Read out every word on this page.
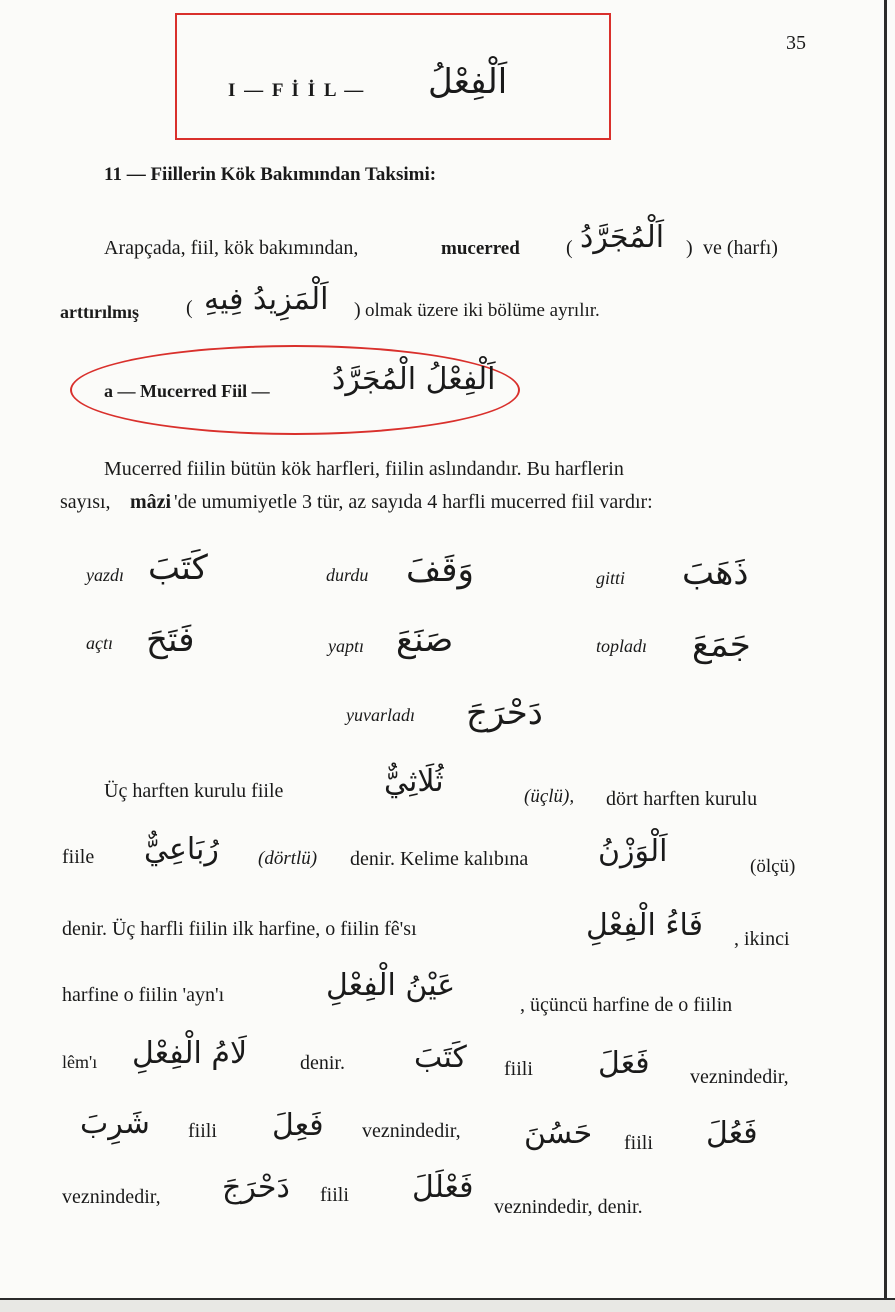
35
I — F İ İ L — اَلْفِعْلُ
11 — Fiillerin Kök Bakımından Taksimi:
Arapçada, fiil, kök bakımından,	mucerred ( اَلْمُجَرَّدُ ) ve (harfı)
arttırılmış ( اَلْمَزِيدُ فِيهِ ) olmak üzere iki bölüme ayrılır.
a — Mucerred Fiil — اَلْفِعْلُ الْمُجَرَّدُ
Mucerred fiilin bütün kök harfleri, fiilin aslındandır. Bu harflerin
sayısı, mâzi 'de umumiyetle 3 tür, az sayıda 4 harfli mucerred fiil vardır:
yazdı كَتَبَ	durdu وَقَفَ	gitti ذَهَبَ
açtı فَتَحَ	yaptı صَنَعَ	topladı جَمَعَ
yuvarladı دَحْرَجَ
Üç harften kurulu fiile	ثُلَاثِيٌّ	(üçlü), dört harften kurulu
fiile رُبَاعِيٌّ (dörtlü) denir. Kelime kalıbına اَلْوَزْنُ	(ölçü)
denir. Üç harfli fiilin ilk harfine, o fiilin fê'sı	فَاءُ الْفِعْلِ , ikinci
harfine o fiilin 'ayn'ı	عَيْنُ الْفِعْلِ
, üçüncü harfine de o fiilin
lêm'ı لَامُ الْفِعْلِ	denir. كَتَبَ fiili فَعَلَ veznindedir,
شَرِبَ fiili فَعِلَ veznindedir, حَسُنَ fiili فَعُلَ
veznindedir, دَحْرَجَ fiili فَعْلَلَ
veznindedir, denir.
